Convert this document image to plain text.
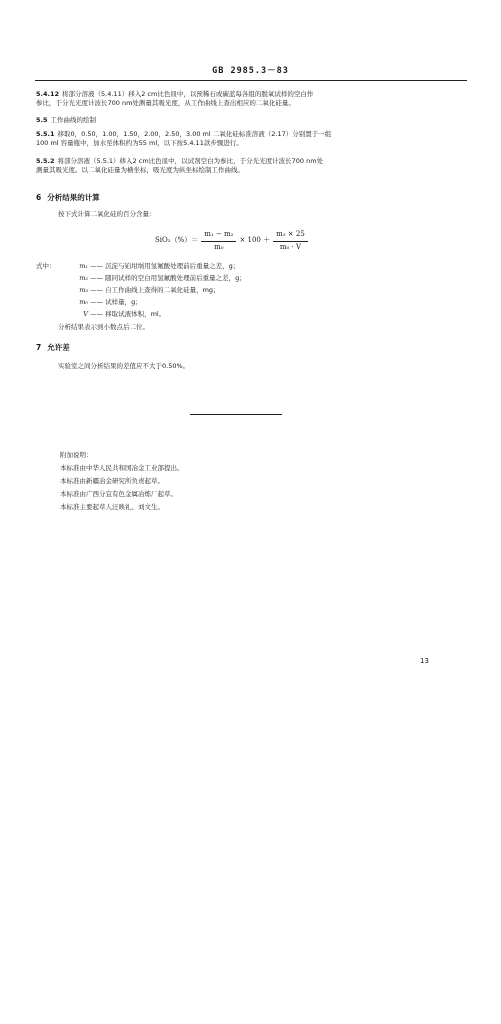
GB 2985.3－83
5.4.12 将部分溶液（5.4.11）移入2 cm比色皿中，以预稀石或碳蓝每各组的脱氧试样的空白作
参比，于分光光度计波长700 nm处测量其吸光度，从工作曲线上查出相应的二氧化硅量。
5.5 工作曲线的绘制
5.5.1 移取0，0.50，1.00，1.50，2.00，2.50，3.00 ml 二氧化硅标准溶液（2.17）分别置于一组
100 ml 容量瓶中，加水至体积约为55 ml，以下按5.4.11款步骤进行。
5.5.2 将部分溶液（5.5.1）移入2 cm比色皿中，以试剂空白为参比，于分光光度计波长700 nm处
测量其吸光度。以二氧化硅量为横坐标，吸光度为纵坐标绘制工作曲线。
6 分析结果的计算
按下式计算二氧化硅的百分含量：
$SiO_2(\%)= \frac{\text{m₁ − m₂}}{\text{m₀}} \times 100 + \frac{\text{m₃ × 25}}{\text{m₀ · V}}$
式中：	m₁ —— 沉淀与铂坩埚用氢氟酸处理前后重量之差，g；
m₂ —— 随同试样的空白用氢氟酸处理前后重量之差，g；
m₃ —— 自工作曲线上查得的二氧化硅量，mg；
m₀ —— 试样量，g；
V —— 移取试液体积，ml。
分析结果表示到小数点后二位。
7 允许差
实验室之间分析结果的差值应不大于0.50%。
附加说明：
本标准由中华人民共和国冶金工业部提出。
本标准由新疆冶金研究所负责起草。
本标准由广西分宜有色金属冶炼厂起草。
本标准主要起草人汪映礼、刘文生。
13
